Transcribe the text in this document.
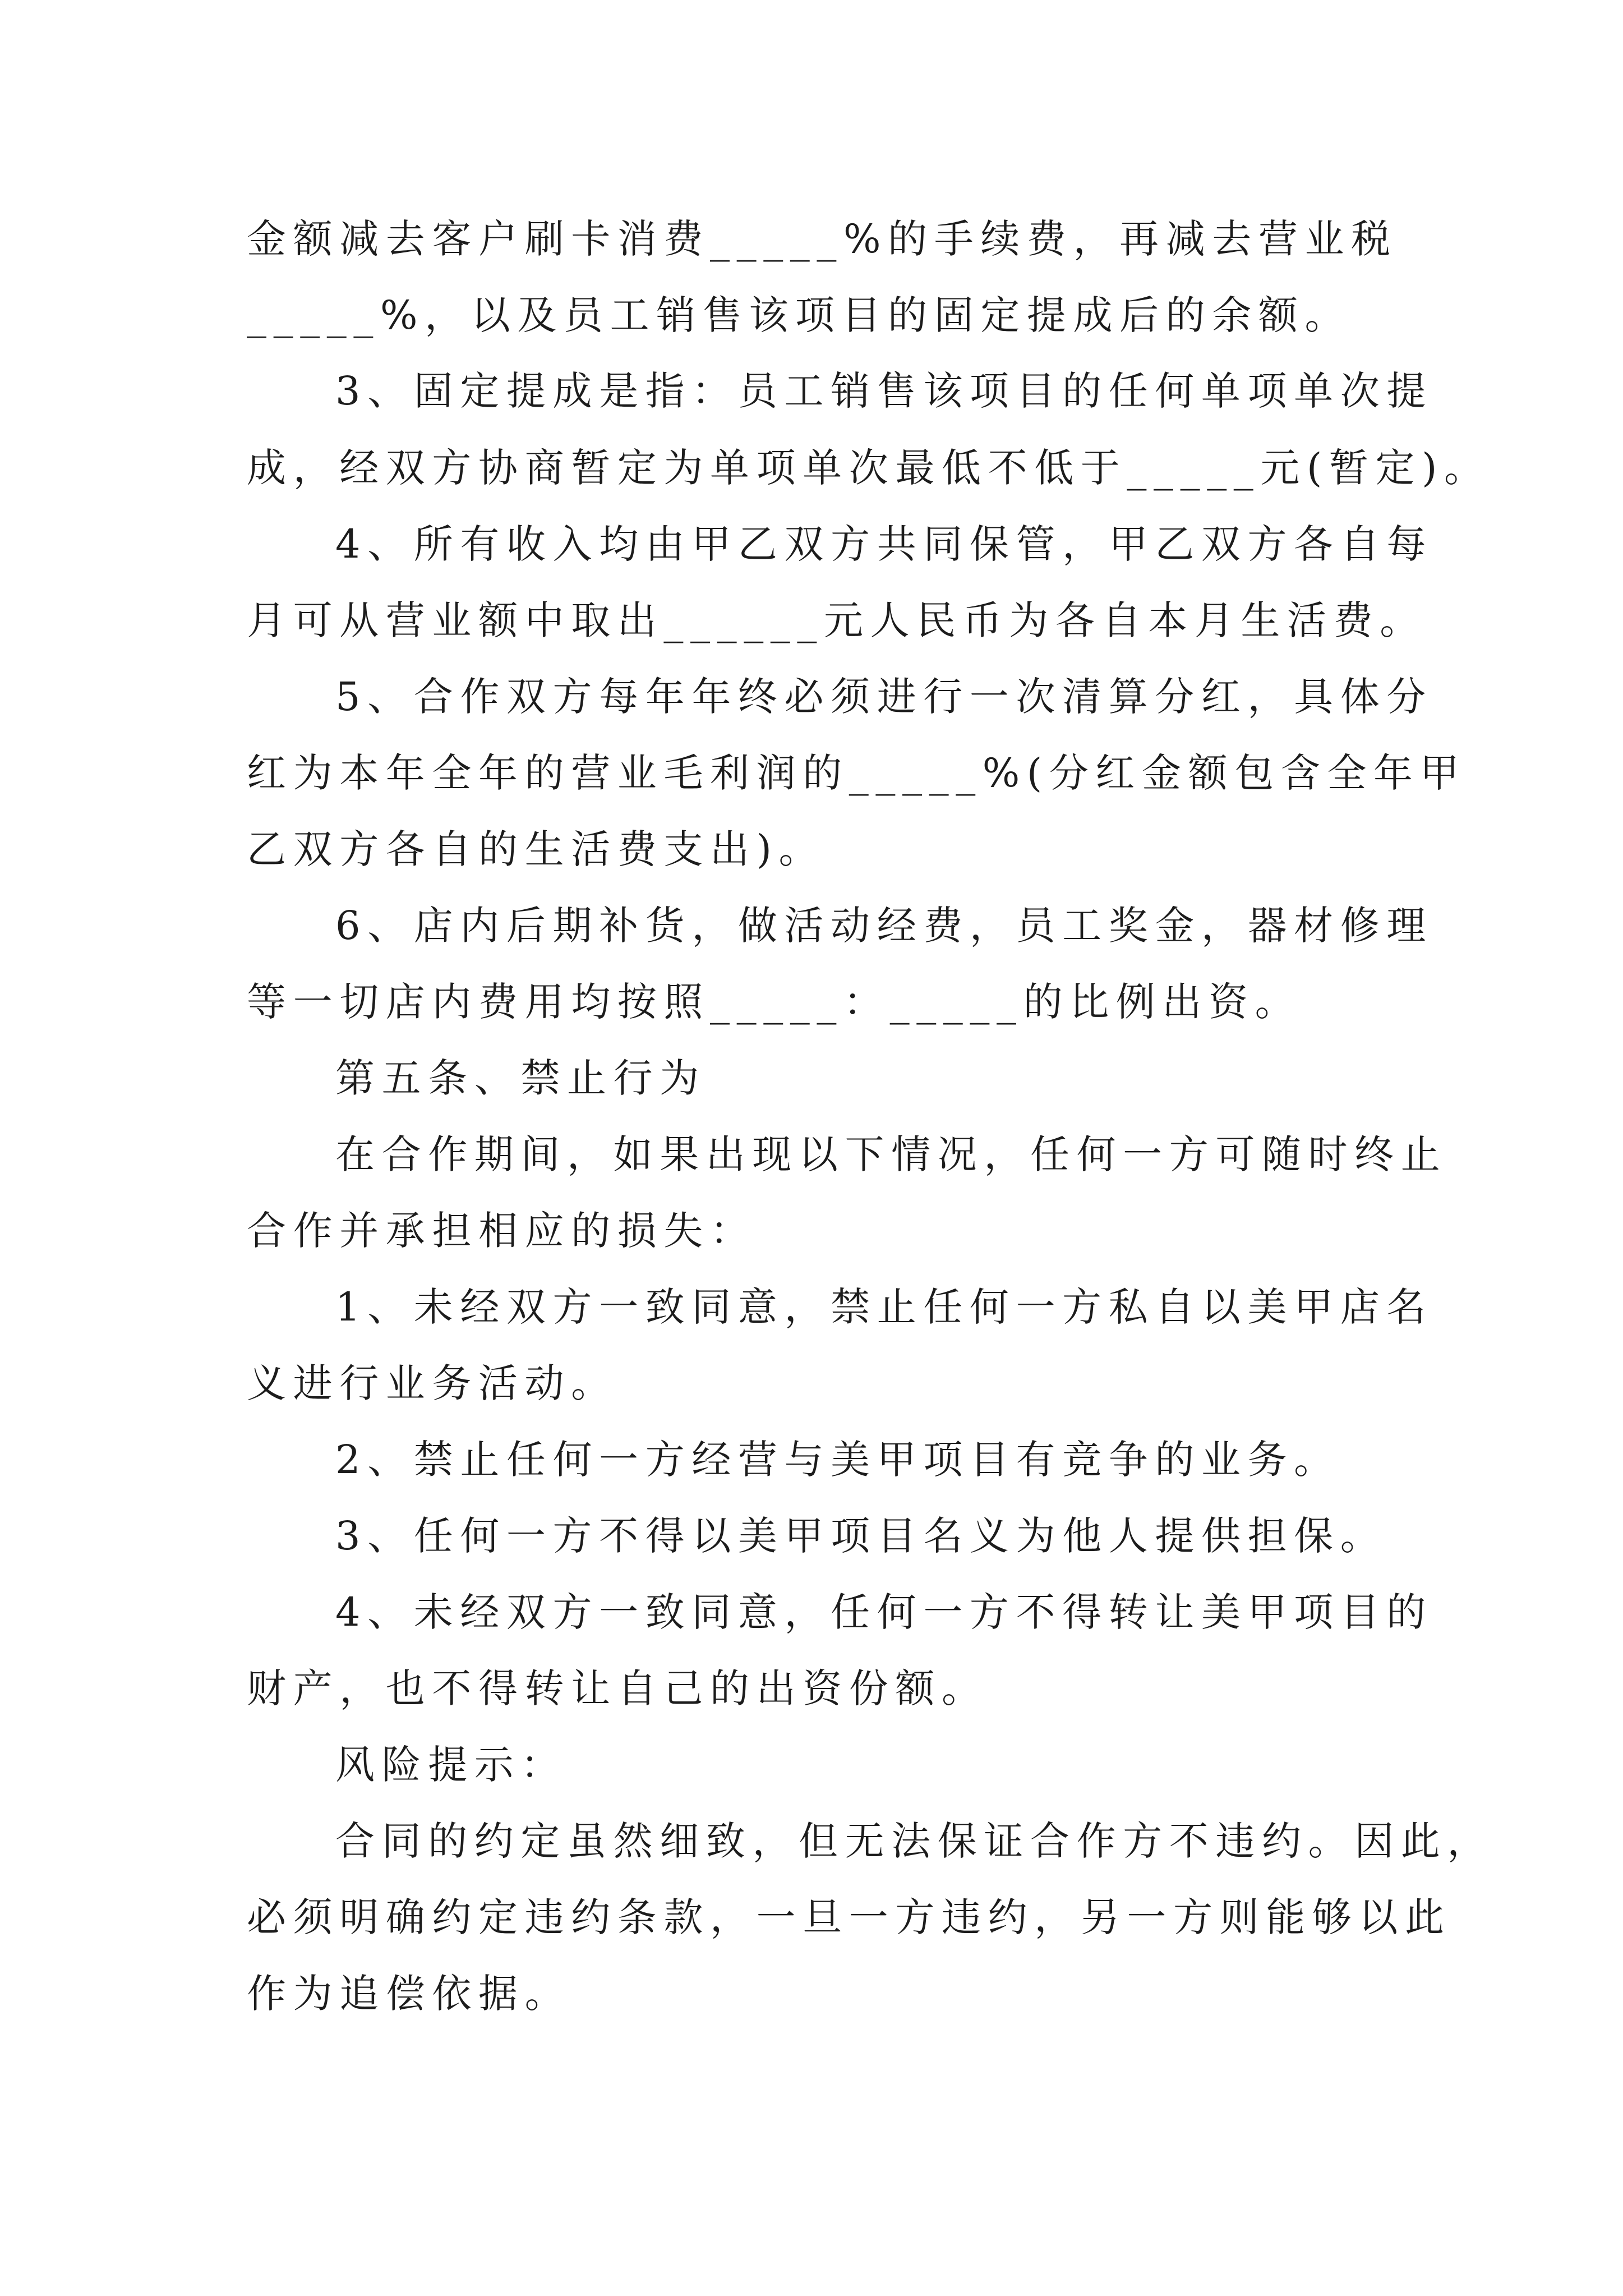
金额减去客户刷卡消费_____%的手续费，再减去营业税
_____%，以及员工销售该项目的固定提成后的余额。
3、固定提成是指：员工销售该项目的任何单项单次提
成，经双方协商暂定为单项单次最低不低于_____元(暂定)。
4、所有收入均由甲乙双方共同保管，甲乙双方各自每
月可从营业额中取出______元人民币为各自本月生活费。
5、合作双方每年年终必须进行一次清算分红，具体分
红为本年全年的营业毛利润的_____%(分红金额包含全年甲
乙双方各自的生活费支出)。
6、店内后期补货，做活动经费，员工奖金，器材修理
等一切店内费用均按照_____：_____的比例出资。
第五条、禁止行为
在合作期间，如果出现以下情况，任何一方可随时终止
合作并承担相应的损失：
1、未经双方一致同意，禁止任何一方私自以美甲店名
义进行业务活动。
2、禁止任何一方经营与美甲项目有竞争的业务。
3、任何一方不得以美甲项目名义为他人提供担保。
4、未经双方一致同意，任何一方不得转让美甲项目的
财产，也不得转让自己的出资份额。
风险提示：
合同的约定虽然细致，但无法保证合作方不违约。因此，
必须明确约定违约条款，一旦一方违约，另一方则能够以此
作为追偿依据。
